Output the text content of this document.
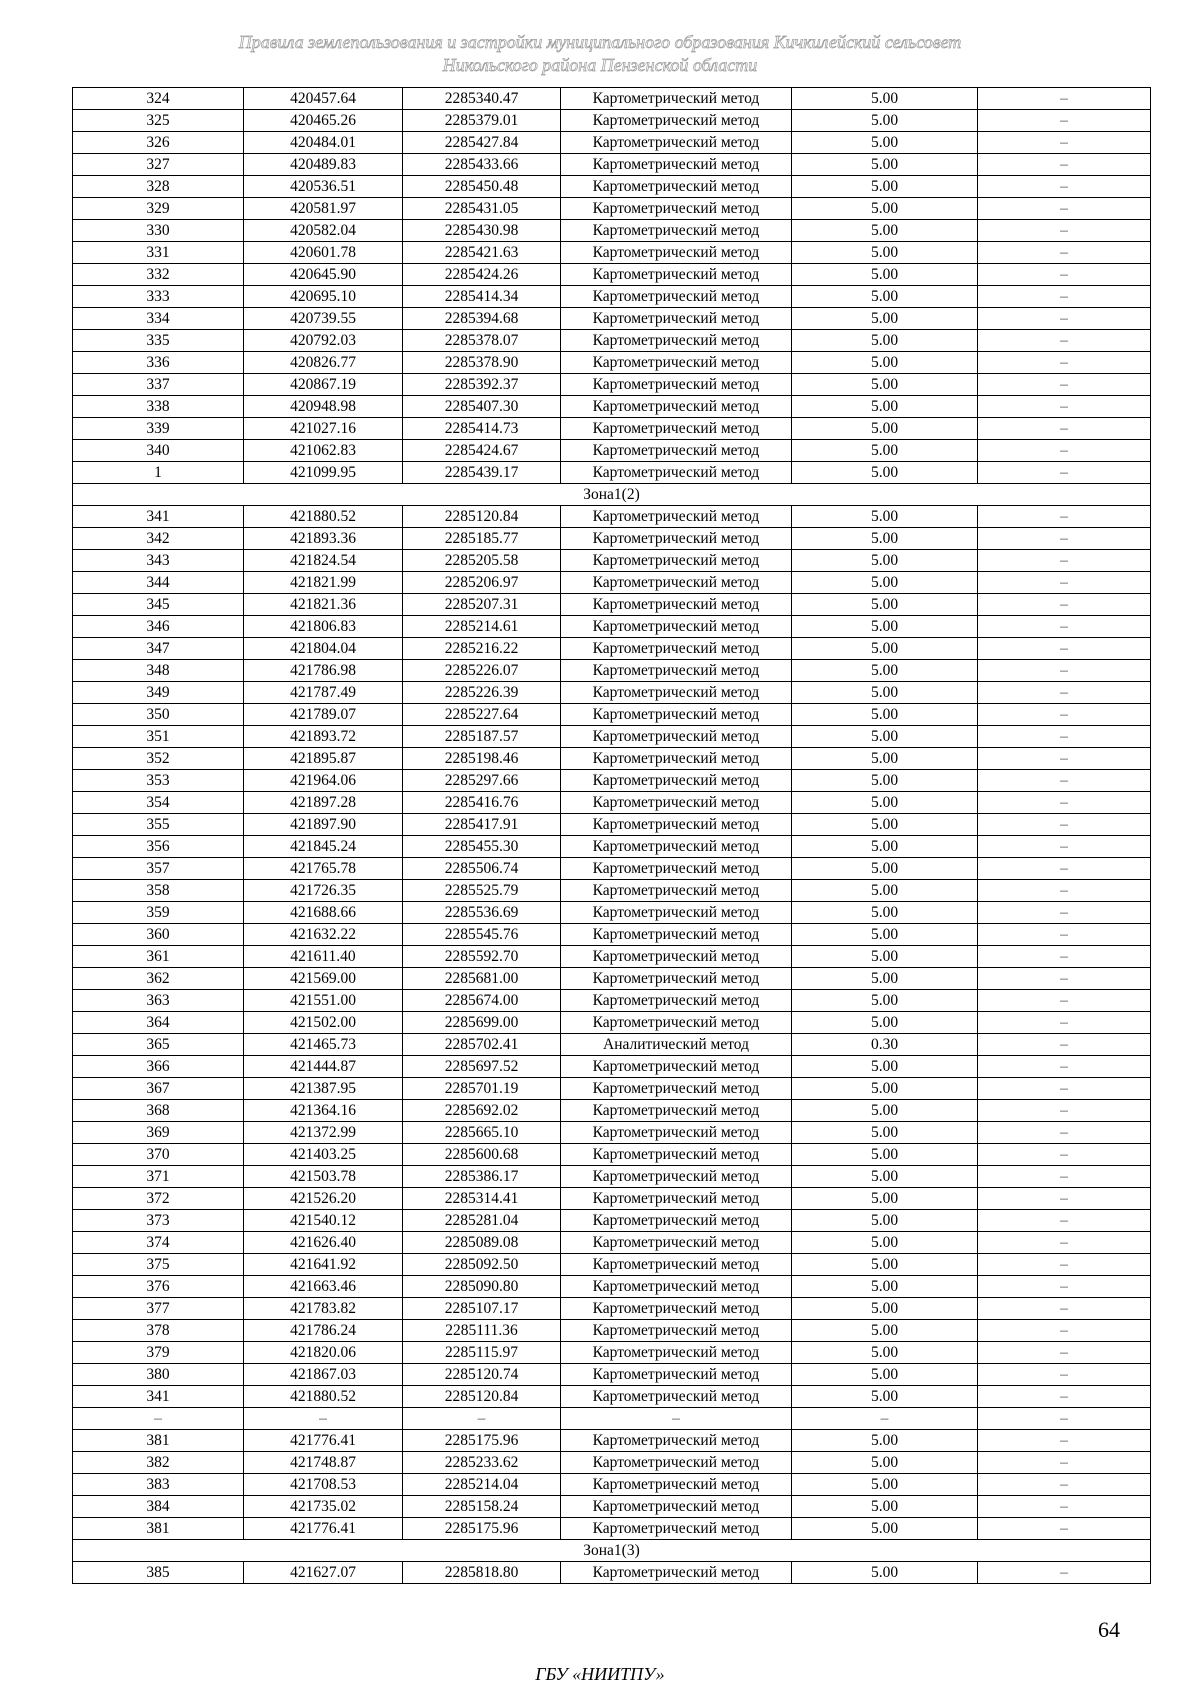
Правила землепользования и застройки муниципального образования Кичкилейский сельсовет
Никольского района Пензенской области
324	420457.64	2285340.47	Картометрический метод	5.00	–
325	420465.26	2285379.01	Картометрический метод	5.00	–
326	420484.01	2285427.84	Картометрический метод	5.00	–
327	420489.83	2285433.66	Картометрический метод	5.00	–
328	420536.51	2285450.48	Картометрический метод	5.00	–
329	420581.97	2285431.05	Картометрический метод	5.00	–
330	420582.04	2285430.98	Картометрический метод	5.00	–
331	420601.78	2285421.63	Картометрический метод	5.00	–
332	420645.90	2285424.26	Картометрический метод	5.00	–
333	420695.10	2285414.34	Картометрический метод	5.00	–
334	420739.55	2285394.68	Картометрический метод	5.00	–
335	420792.03	2285378.07	Картометрический метод	5.00	–
336	420826.77	2285378.90	Картометрический метод	5.00	–
337	420867.19	2285392.37	Картометрический метод	5.00	–
338	420948.98	2285407.30	Картометрический метод	5.00	–
339	421027.16	2285414.73	Картометрический метод	5.00	–
340	421062.83	2285424.67	Картометрический метод	5.00	–
1	421099.95	2285439.17	Картометрический метод	5.00	–
Зона1(2)					
341	421880.52	2285120.84	Картометрический метод	5.00	–
342	421893.36	2285185.77	Картометрический метод	5.00	–
343	421824.54	2285205.58	Картометрический метод	5.00	–
344	421821.99	2285206.97	Картометрический метод	5.00	–
345	421821.36	2285207.31	Картометрический метод	5.00	–
346	421806.83	2285214.61	Картометрический метод	5.00	–
347	421804.04	2285216.22	Картометрический метод	5.00	–
348	421786.98	2285226.07	Картометрический метод	5.00	–
349	421787.49	2285226.39	Картометрический метод	5.00	–
350	421789.07	2285227.64	Картометрический метод	5.00	–
351	421893.72	2285187.57	Картометрический метод	5.00	–
352	421895.87	2285198.46	Картометрический метод	5.00	–
353	421964.06	2285297.66	Картометрический метод	5.00	–
354	421897.28	2285416.76	Картометрический метод	5.00	–
355	421897.90	2285417.91	Картометрический метод	5.00	–
356	421845.24	2285455.30	Картометрический метод	5.00	–
357	421765.78	2285506.74	Картометрический метод	5.00	–
358	421726.35	2285525.79	Картометрический метод	5.00	–
359	421688.66	2285536.69	Картометрический метод	5.00	–
360	421632.22	2285545.76	Картометрический метод	5.00	–
361	421611.40	2285592.70	Картометрический метод	5.00	–
362	421569.00	2285681.00	Картометрический метод	5.00	–
363	421551.00	2285674.00	Картометрический метод	5.00	–
364	421502.00	2285699.00	Картометрический метод	5.00	–
365	421465.73	2285702.41	Аналитический метод	0.30	–
366	421444.87	2285697.52	Картометрический метод	5.00	–
367	421387.95	2285701.19	Картометрический метод	5.00	–
368	421364.16	2285692.02	Картометрический метод	5.00	–
369	421372.99	2285665.10	Картометрический метод	5.00	–
370	421403.25	2285600.68	Картометрический метод	5.00	–
371	421503.78	2285386.17	Картометрический метод	5.00	–
372	421526.20	2285314.41	Картометрический метод	5.00	–
373	421540.12	2285281.04	Картометрический метод	5.00	–
374	421626.40	2285089.08	Картометрический метод	5.00	–
375	421641.92	2285092.50	Картометрический метод	5.00	–
376	421663.46	2285090.80	Картометрический метод	5.00	–
377	421783.82	2285107.17	Картометрический метод	5.00	–
378	421786.24	2285111.36	Картометрический метод	5.00	–
379	421820.06	2285115.97	Картометрический метод	5.00	–
380	421867.03	2285120.74	Картометрический метод	5.00	–
341	421880.52	2285120.84	Картометрический метод	5.00	–
–	–	–	–	–	–
381	421776.41	2285175.96	Картометрический метод	5.00	–
382	421748.87	2285233.62	Картометрический метод	5.00	–
383	421708.53	2285214.04	Картометрический метод	5.00	–
384	421735.02	2285158.24	Картометрический метод	5.00	–
381	421776.41	2285175.96	Картометрический метод	5.00	–
Зона1(3)					
385	421627.07	2285818.80	Картометрический метод	5.00	–
64
ГБУ «НИИТПУ»
